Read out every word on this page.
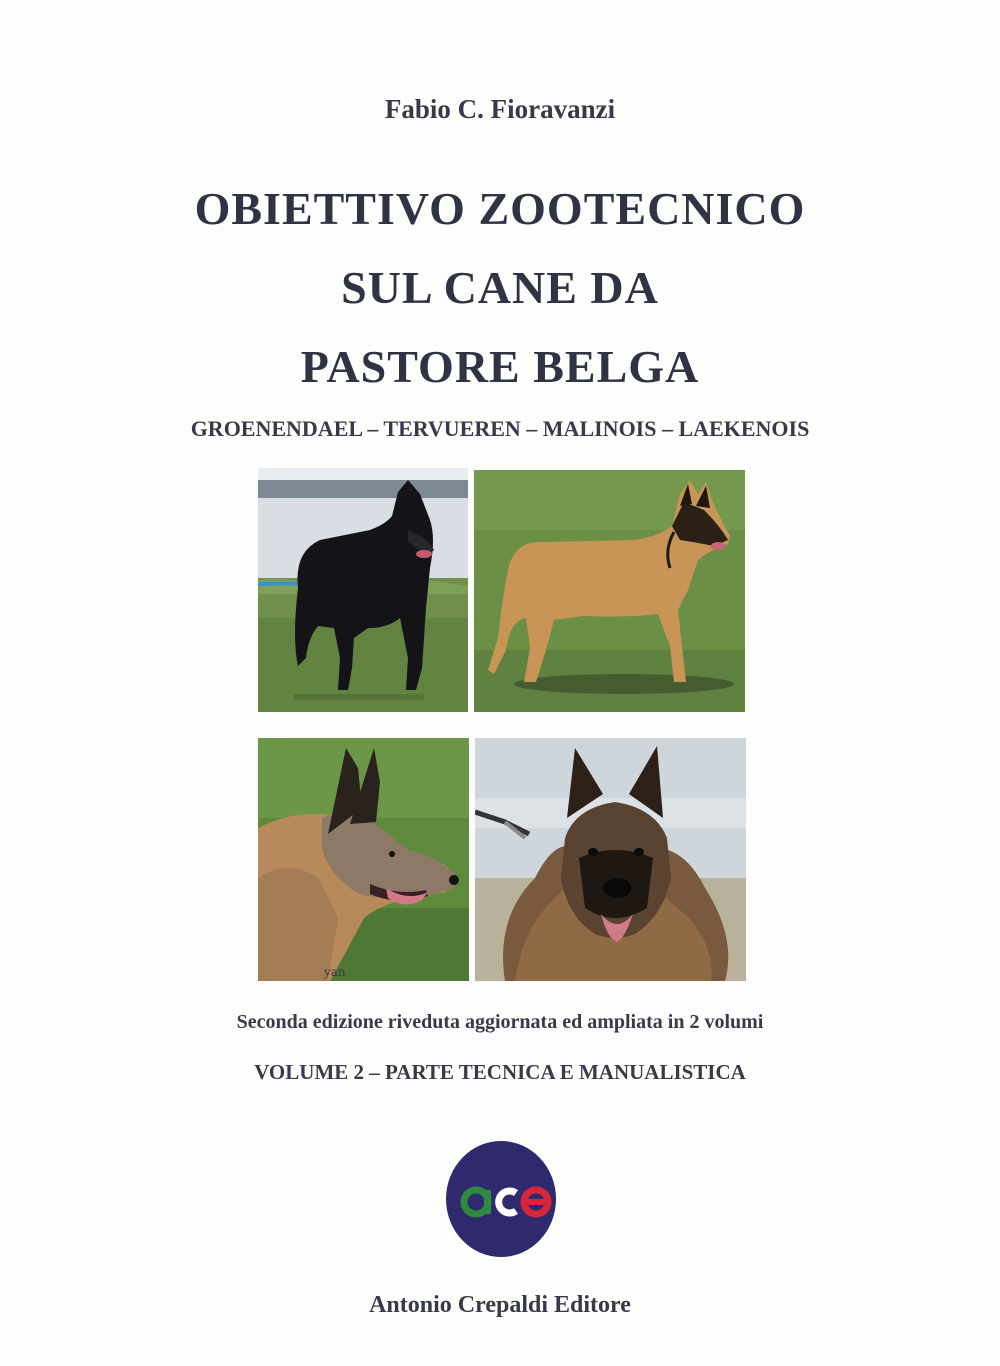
Fabio C. Fioravanzi
OBIETTIVO ZOOTECNICO
SUL CANE DA
PASTORE BELGA
GROENENDAEL – TERVUEREN – MALINOIS – LAEKENOIS
yan
Seconda edizione riveduta aggiornata ed ampliata in 2 volumi
VOLUME 2 – PARTE TECNICA E MANUALISTICA
Antonio Crepaldi Editore
